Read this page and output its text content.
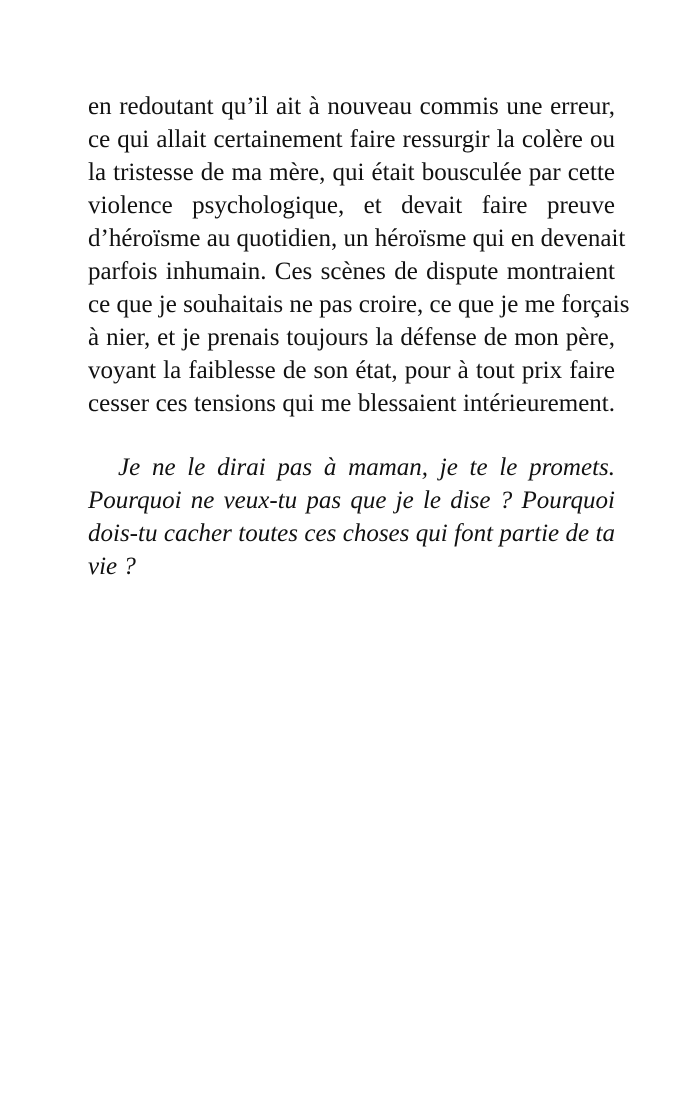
en redoutant qu’il ait à nouveau commis une erreur,
ce qui allait certainement faire ressurgir la colère ou
la tristesse de ma mère, qui était bousculée par cette
violence psychologique, et devait faire preuve
d’héroïsme au quotidien, un héroïsme qui en devenait
parfois inhumain. Ces scènes de dispute montraient
ce que je souhaitais ne pas croire, ce que je me forçais
à nier, et je prenais toujours la défense de mon père,
voyant la faiblesse de son état, pour à tout prix faire
cesser ces tensions qui me blessaient intérieurement.
Je ne le dirai pas à maman, je te le promets.
Pourquoi ne veux-tu pas que je le dise ? Pourquoi
dois-tu cacher toutes ces choses qui font partie de ta
vie ?
